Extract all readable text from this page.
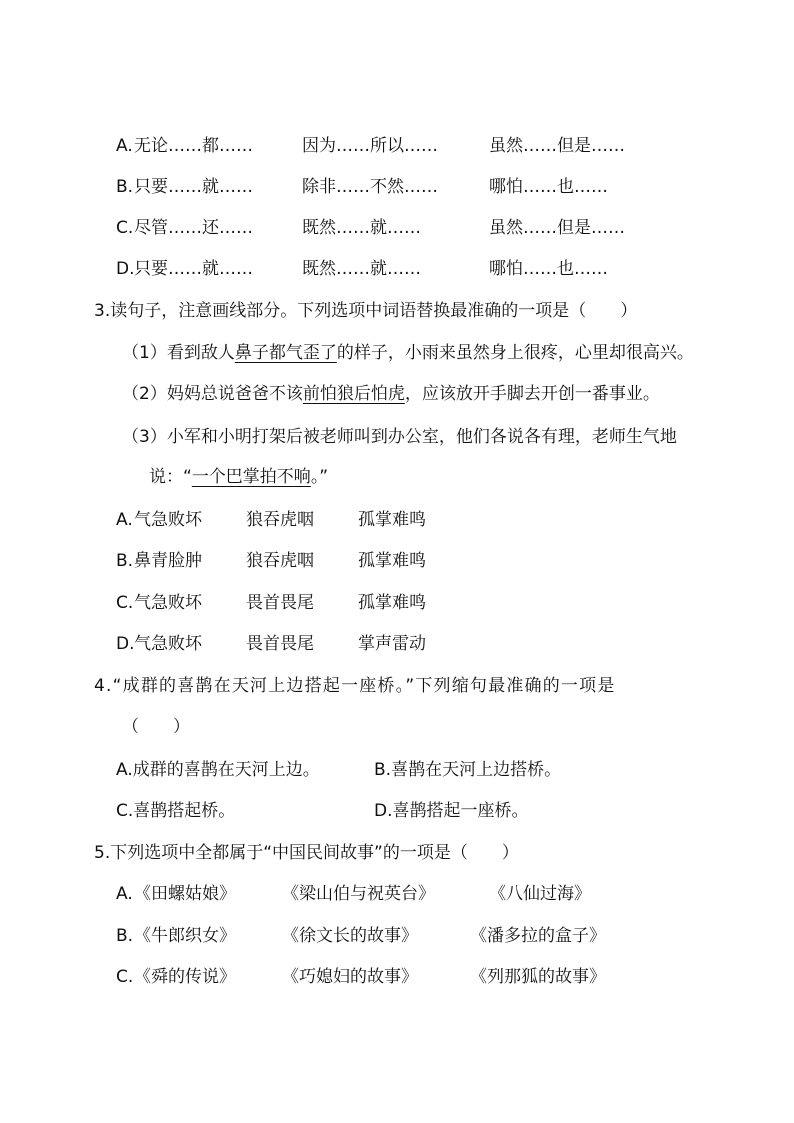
A. 无论……都……	因为……所以……	虽然……但是……
B. 只要……就……	除非……不然……	哪怕……也……
C. 尽管……还……	既然……就……	虽然……但是……
D. 只要……就……	既然……就……	哪怕……也……
3.读句子，注意画线部分。下列选项中词语替换最准确的一项是（　　）
（1）看到敌人鼻子都气歪了的样子，小雨来虽然身上很疼，心里却很高兴。
（2）妈妈总说爸爸不该前怕狼后怕虎，应该放开手脚去开创一番事业。
（3）小军和小明打架后被老师叫到办公室，他们各说各有理，老师生气地
说：“一个巴掌拍不响。”
A. 气急败坏	狼吞虎咽	孤掌难鸣
B. 鼻青脸肿	狼吞虎咽	孤掌难鸣
C. 气急败坏	畏首畏尾	孤掌难鸣
D. 气急败坏	畏首畏尾	掌声雷动
4.“成群的喜鹊在天河上边搭起一座桥。”下列缩句最准确的一项是
（　　）
A.成群的喜鹊在天河上边。	B.喜鹊在天河上边搭桥。
C.喜鹊搭起桥。	D.喜鹊搭起一座桥。
5.下列选项中全都属于“中国民间故事”的一项是（　　）
A. 《田螺姑娘》	《梁山伯与祝英台》	《八仙过海》
B. 《牛郎织女》	《徐文长的故事》	《潘多拉的盒子》
C. 《舜的传说》	《巧媳妇的故事》	《列那狐的故事》
